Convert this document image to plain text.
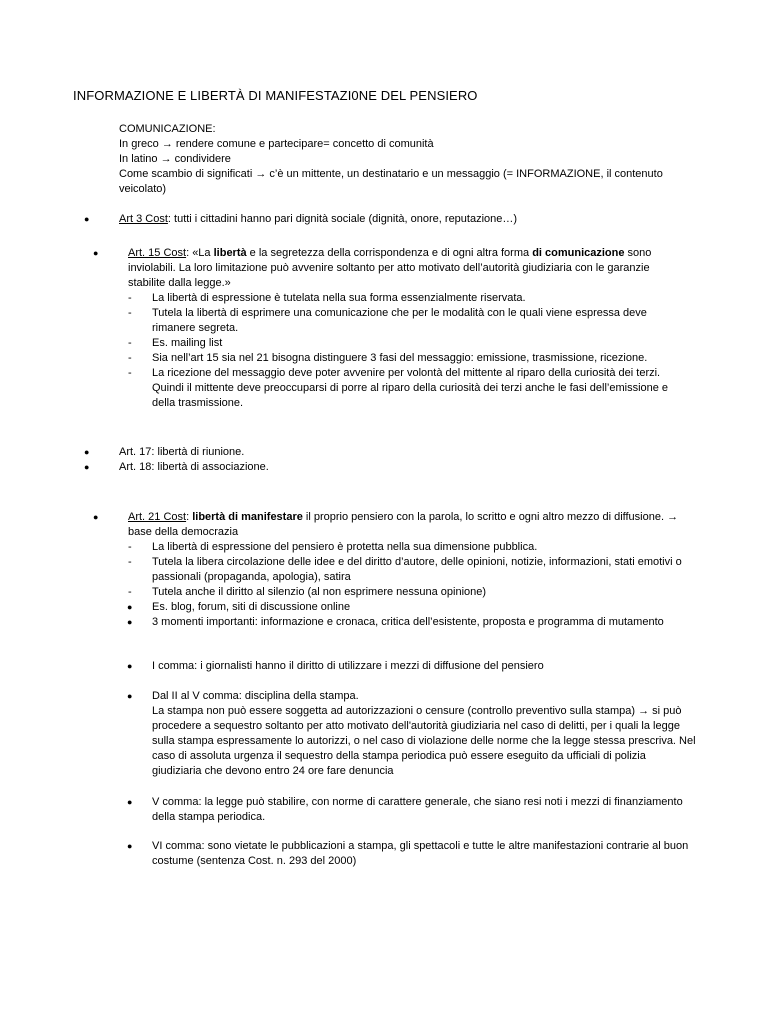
INFORMAZIONE E LIBERTÀ DI MANIFESTAZI0NE DEL PENSIERO

COMUNICAZIONE:

In greco → rendere comune e partecipare= concetto di comunità

In latino → condividere

Come scambio di significati → c’è un mittente, un destinatario e un messaggio (= INFORMAZIONE, il contenuto veicolato)

●	Art 3 Cost: tutti i cittadini hanno pari dignità sociale (dignità, onore, reputazione…)

●	Art. 15 Cost: «La libertà e la segretezza della corrispondenza e di ogni altra forma di comunicazione sono inviolabili. La loro limitazione può avvenire soltanto per atto motivato dell’autorità giudiziaria con le garanzie stabilite dalla legge.»

- La libertà di espressione è tutelata nella sua forma essenzialmente riservata.
- Tutela la libertà di esprimere una comunicazione che per le modalità con le quali viene espressa deve rimanere segreta.
- Es. mailing list
- Sia nell’art 15 sia nel 21 bisogna distinguere 3 fasi del messaggio: emissione, trasmissione, ricezione.
- La ricezione del messaggio deve poter avvenire per volontà del mittente al riparo della curiosità dei terzi. Quindi il mittente deve preoccuparsi di porre al riparo della curiosità dei terzi anche le fasi dell’emissione e della trasmissione.
●	Art. 17: libertà di riunione.

●	Art. 18: libertà di associazione.

●	Art. 21 Cost: libertà di manifestare il proprio pensiero con la parola, lo scritto e ogni altro mezzo di diffusione. → base della democrazia

- La libertà di espressione del pensiero è protetta nella sua dimensione pubblica.
- Tutela la libera circolazione delle idee e del diritto d’autore, delle opinioni, notizie, informazioni, stati emotivi o passionali (propaganda, apologia), satira
- Tutela anche il diritto al silenzio (al non esprimere nessuna opinione)
● Es. blog, forum, siti di discussione online
● 3 momenti importanti: informazione e cronaca, critica dell’esistente, proposta e programma di mutamento
●	I comma: i giornalisti hanno il diritto di utilizzare i mezzi di diffusione del pensiero

● Dal II al V comma: disciplina della stampa.

La stampa non può essere soggetta ad autorizzazioni o censure (controllo preventivo sulla stampa) → si può procedere a sequestro soltanto per atto motivato dell'autorità giudiziaria nel caso di delitti, per i quali la legge sulla stampa espressamente lo autorizzi, o nel caso di violazione delle norme che la legge stessa prescriva. Nel caso di assoluta urgenza il sequestro della stampa periodica può essere eseguito da ufficiali di polizia giudiziaria che devono entro 24 ore fare denuncia

●	V comma: la legge può stabilire, con norme di carattere generale, che siano resi noti i mezzi di finanziamento della stampa periodica.

●	VI comma: sono vietate le pubblicazioni a stampa, gli spettacoli e tutte le altre manifestazioni contrarie al buon costume (sentenza Cost. n. 293 del 2000)
